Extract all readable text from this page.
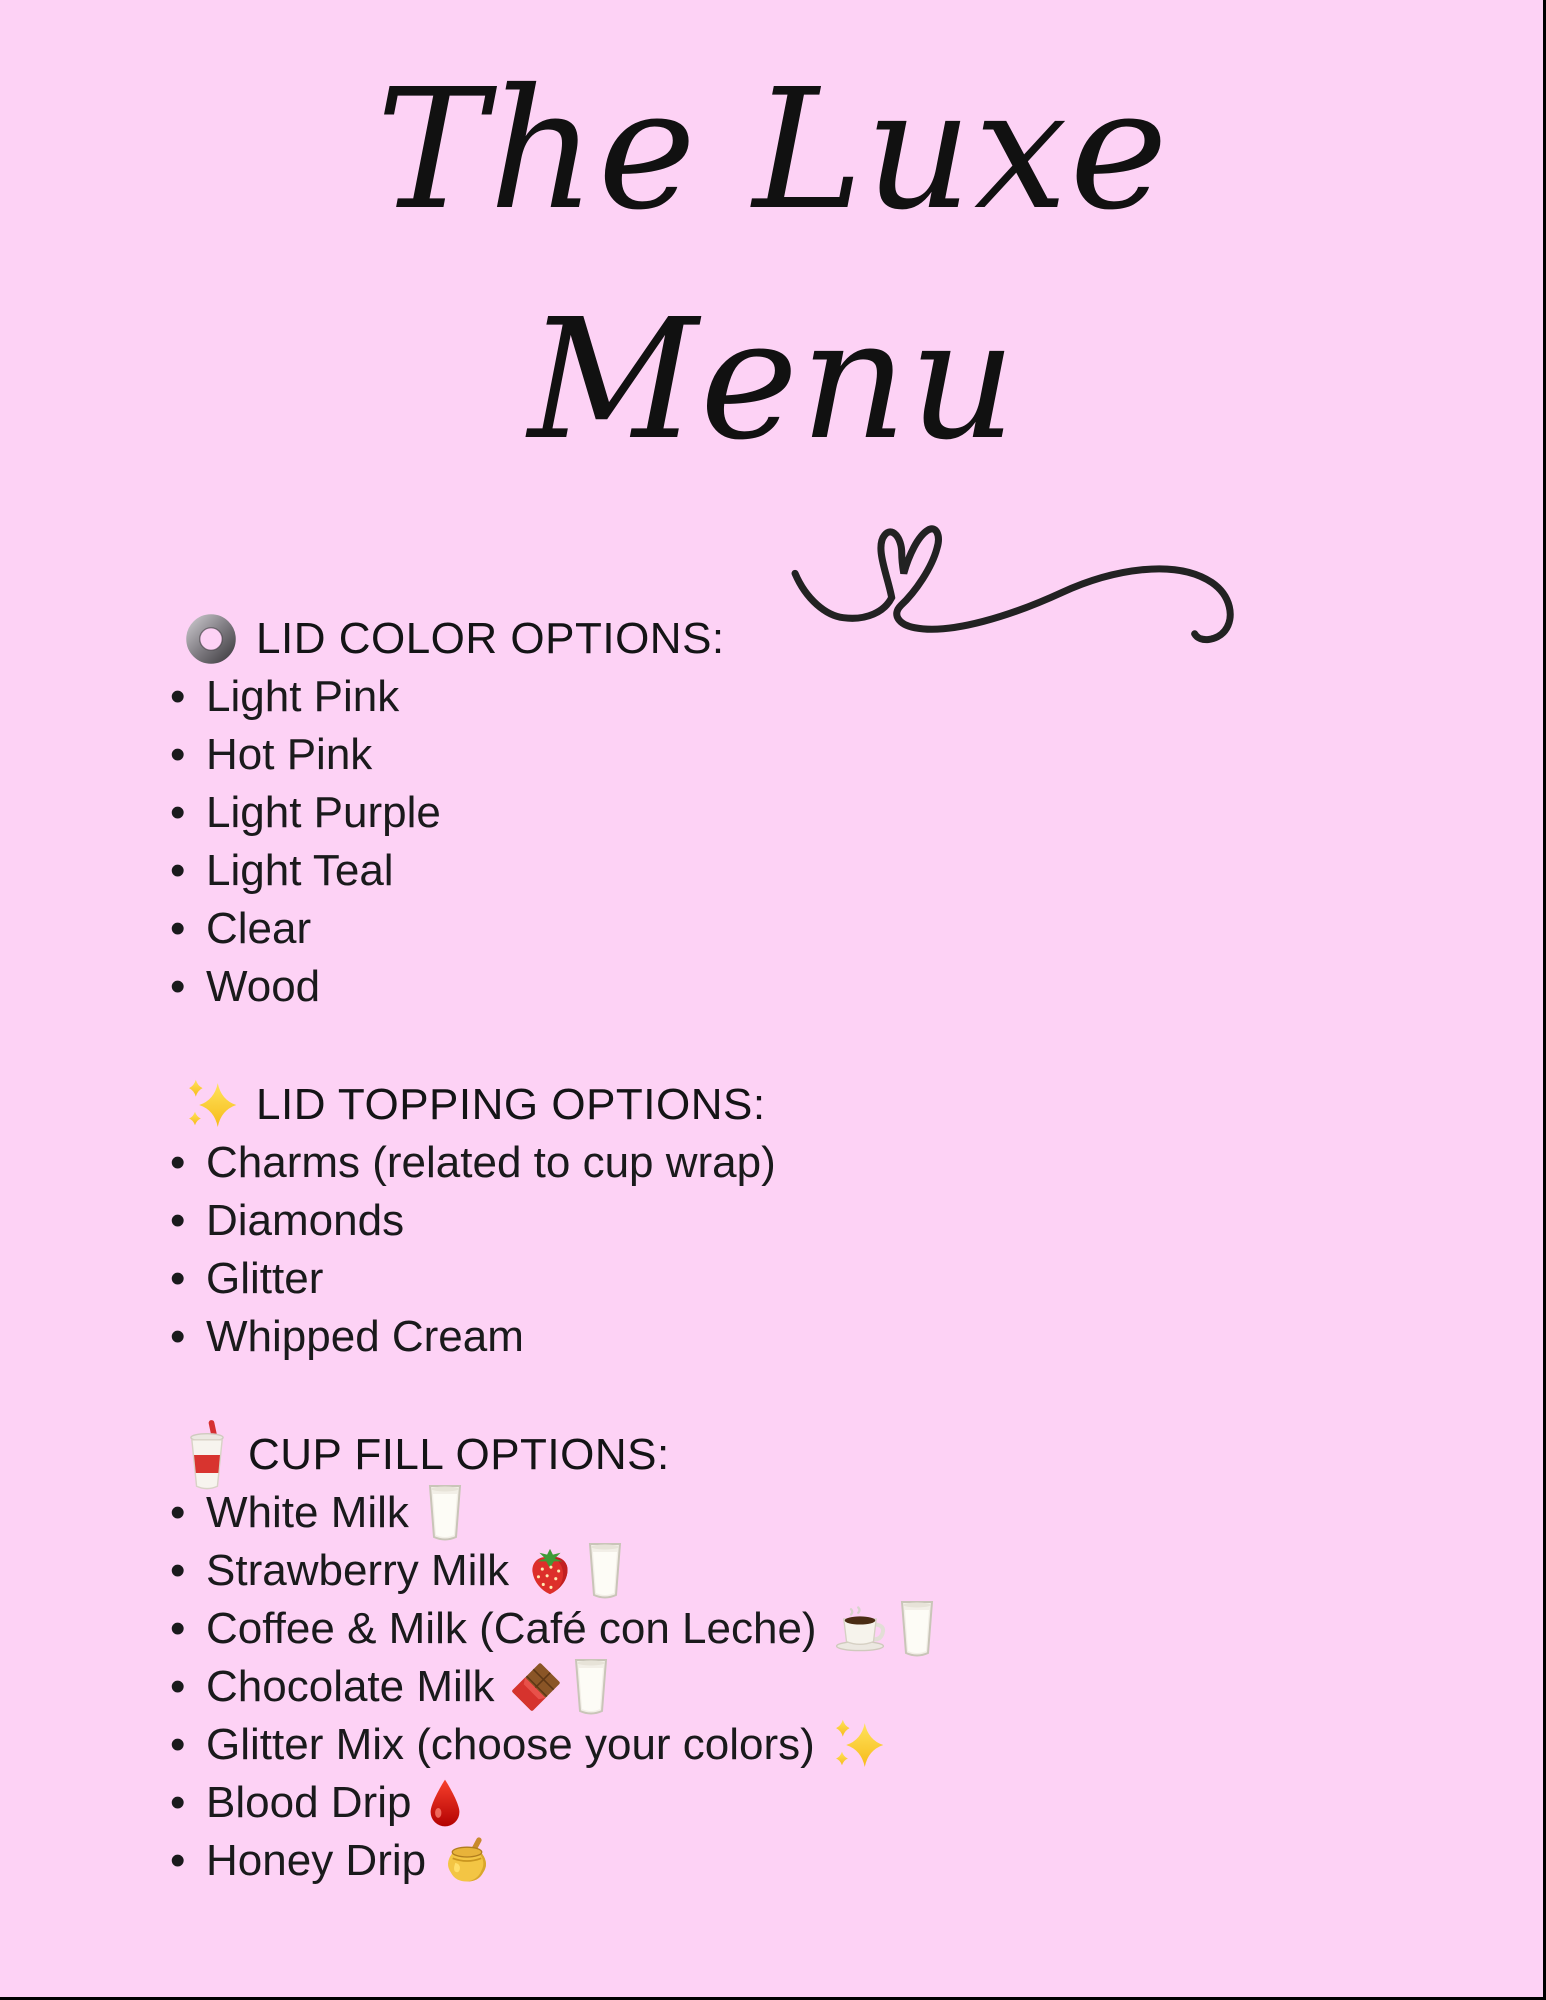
The Luxe
Menu
LID COLOR OPTIONS:
• Light Pink
• Hot Pink
• Light Purple
• Light Teal
• Clear
• Wood
LID TOPPING OPTIONS:
• Charms (related to cup wrap)
• Diamonds
• Glitter
• Whipped Cream
CUP FILL OPTIONS:
• White Milk
• Strawberry Milk
• Coffee & Milk (Café con Leche)
• Chocolate Milk
• Glitter Mix (choose your colors)
• Blood Drip
• Honey Drip
